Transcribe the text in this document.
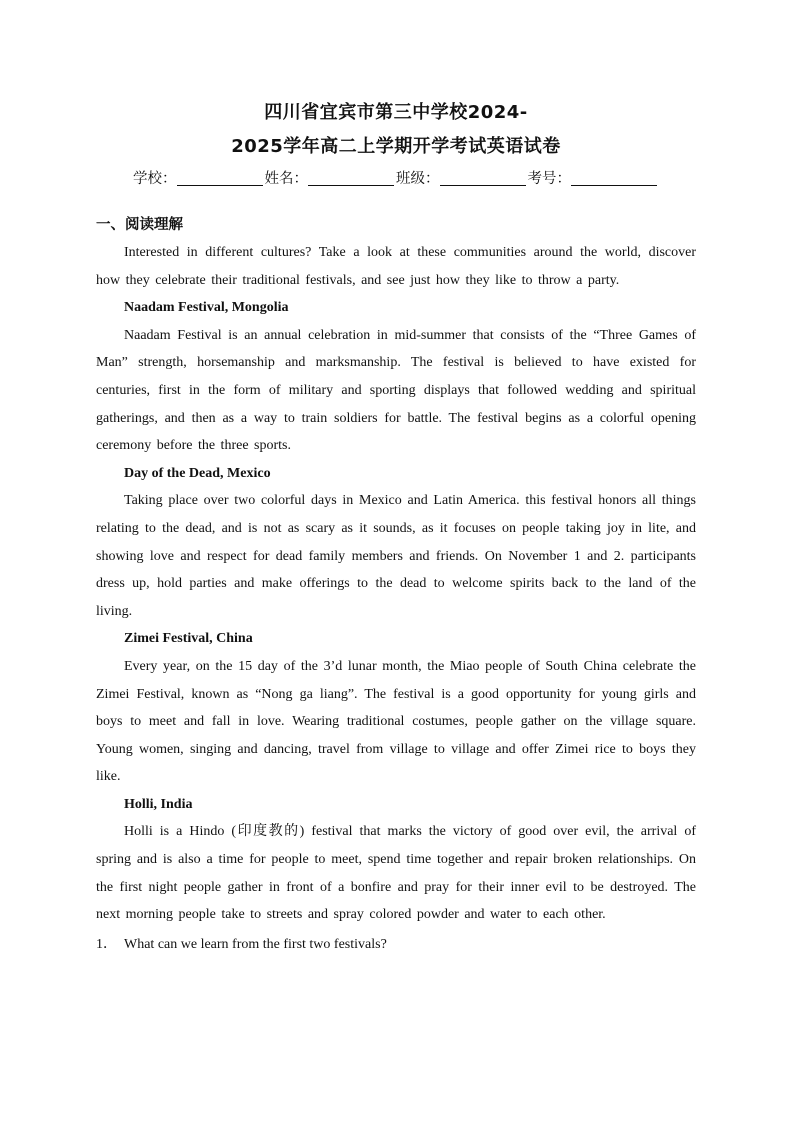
四川省宜宾市第三中学校2024-
2025学年高二上学期开学考试英语试卷
学校：	姓名：	班级：	考号：
一、阅读理解

Interested in different cultures? Take a look at these communities around the world, discover how they celebrate their traditional festivals, and see just how they like to throw a party.

Naadam Festival, Mongolia

Naadam Festival is an annual celebration in mid-summer that consists of the “Three Games of Man” strength, horsemanship and marksmanship. The festival is believed to have existed for centuries, first in the form of military and sporting displays that followed wedding and spiritual gatherings, and then as a way to train soldiers for battle. The festival begins as a colorful opening ceremony before the three sports.

Day of the Dead, Mexico

Taking place over two colorful days in Mexico and Latin America. this festival honors all things relating to the dead, and is not as scary as it sounds, as it focuses on people taking joy in lite, and showing love and respect for dead family members and friends. On November 1 and 2. participants dress up, hold parties and make offerings to the dead to welcome spirits back to the land of the living.

Zimei Festival, China

Every year, on the 15 day of the 3’d lunar month, the Miao people of South China celebrate the Zimei Festival, known as “Nong ga liang”. The festival is a good opportunity for young girls and boys to meet and fall in love. Wearing traditional costumes, people gather on the village square. Young women, singing and dancing, travel from village to village and offer Zimei rice to boys they like.

Holli, India

Holli is a Hindo (印度教的) festival that marks the victory of good over evil, the arrival of spring and is also a time for people to meet, spend time together and repair broken relationships. On the first night people gather in front of a bonfire and pray for their inner evil to be destroyed. The next morning people take to streets and spray colored powder and water to each other.

1． What can we learn from the first two festivals?
